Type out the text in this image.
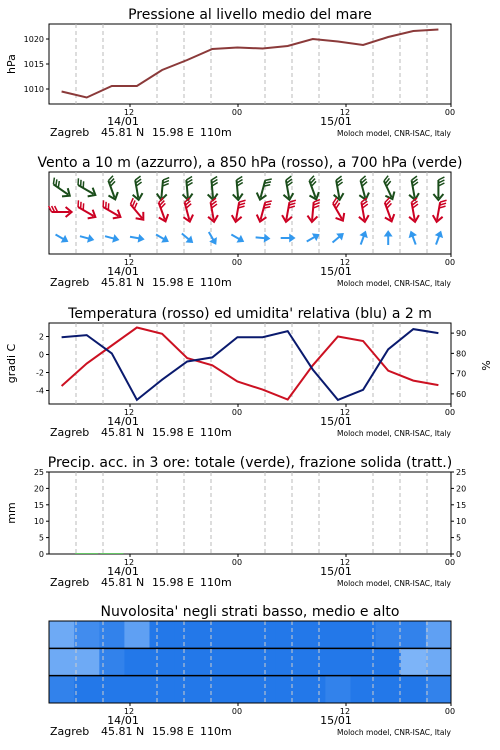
Pressione al livello medio del mare
1010
1015
1020
hPa
12	00	12	00
14/01	15/01
Zagreb 45.81 N 15.98 E 110m	Moloch model, CNR-ISAC, Italy
Vento a 10 m (azzurro), a 850 hPa (rosso), a 700 hPa (verde)
12	00	12	00
14/01	15/01
Zagreb 45.81 N 15.98 E 110m	Moloch model, CNR-ISAC, Italy
Temperatura (rosso) ed umidita' relativa (blu) a 2 m
-4
-2
0
2
60
70
80
90
gradi C	%
12	00	12	00
14/01	15/01
Zagreb 45.81 N 15.98 E 110m	Moloch model, CNR-ISAC, Italy
Precip. acc. in 3 ore: totale (verde), frazione solida (tratt.)
0
5
10
15
20
25
0
5
10
15
20
25
mm
12	00	12	00
14/01	15/01
Zagreb 45.81 N 15.98 E 110m	Moloch model, CNR-ISAC, Italy
Nuvolosita' negli strati basso, medio e alto
12	00	12	00
14/01	15/01
Zagreb 45.81 N 15.98 E 110m	Moloch model, CNR-ISAC, Italy
